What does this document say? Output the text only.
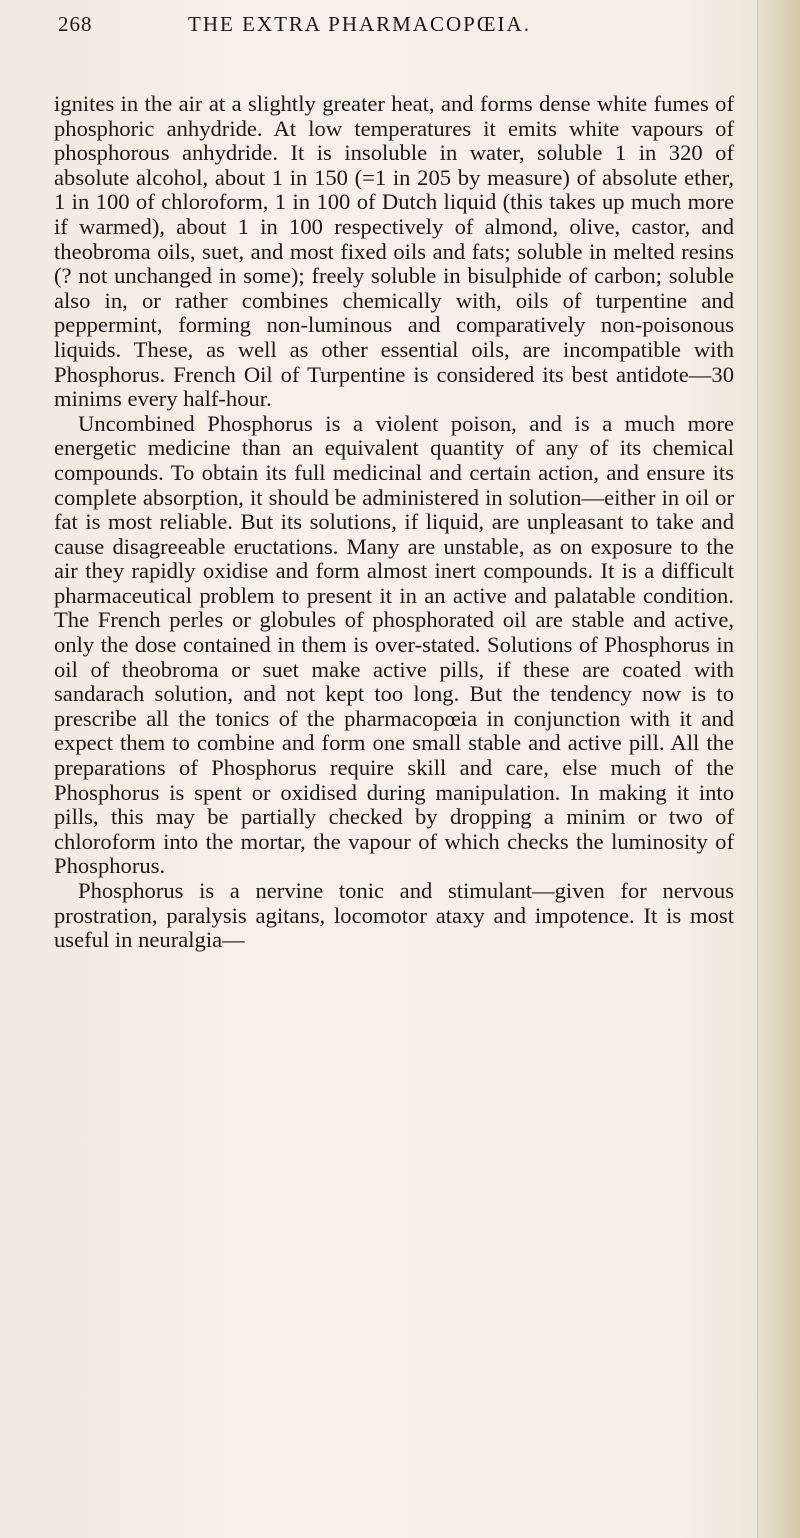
268	THE EXTRA PHARMACOPŒIA.

ignites in the air at a slightly greater heat, and forms dense white fumes of phosphoric anhydride. At low temperatures it emits white vapours of phosphorous anhydride. It is insoluble in water, soluble 1 in 320 of absolute alcohol, about 1 in 150 (=1 in 205 by measure) of absolute ether, 1 in 100 of chloroform, 1 in 100 of Dutch liquid (this takes up much more if warmed), about 1 in 100 respectively of almond, olive, castor, and theobroma oils, suet, and most fixed oils and fats; soluble in melted resins (? not unchanged in some); freely soluble in bisulphide of carbon; soluble also in, or rather combines chemically with, oils of turpentine and peppermint, forming non-luminous and comparatively non-poisonous liquids. These, as well as other essential oils, are incompatible with Phosphorus. French Oil of Turpentine is considered its best antidote—30 minims every half-hour.

Uncombined Phosphorus is a violent poison, and is a much more energetic medicine than an equivalent quantity of any of its chemical compounds. To obtain its full medicinal and certain action, and ensure its complete absorption, it should be administered in solution—either in oil or fat is most reliable. But its solutions, if liquid, are unpleasant to take and cause disagreeable eructations. Many are unstable, as on exposure to the air they rapidly oxidise and form almost inert compounds. It is a difficult pharmaceutical problem to present it in an active and palatable condition. The French perles or globules of phosphorated oil are stable and active, only the dose contained in them is over-stated. Solutions of Phosphorus in oil of theobroma or suet make active pills, if these are coated with sandarach solution, and not kept too long. But the tendency now is to prescribe all the tonics of the pharmacopœia in conjunction with it and expect them to combine and form one small stable and active pill. All the preparations of Phosphorus require skill and care, else much of the Phosphorus is spent or oxidised during manipulation. In making it into pills, this may be partially checked by dropping a minim or two of chloroform into the mortar, the vapour of which checks the luminosity of Phosphorus.

Phosphorus is a nervine tonic and stimulant—given for nervous prostration, paralysis agitans, locomotor ataxy and impotence. It is most useful in neuralgia—
